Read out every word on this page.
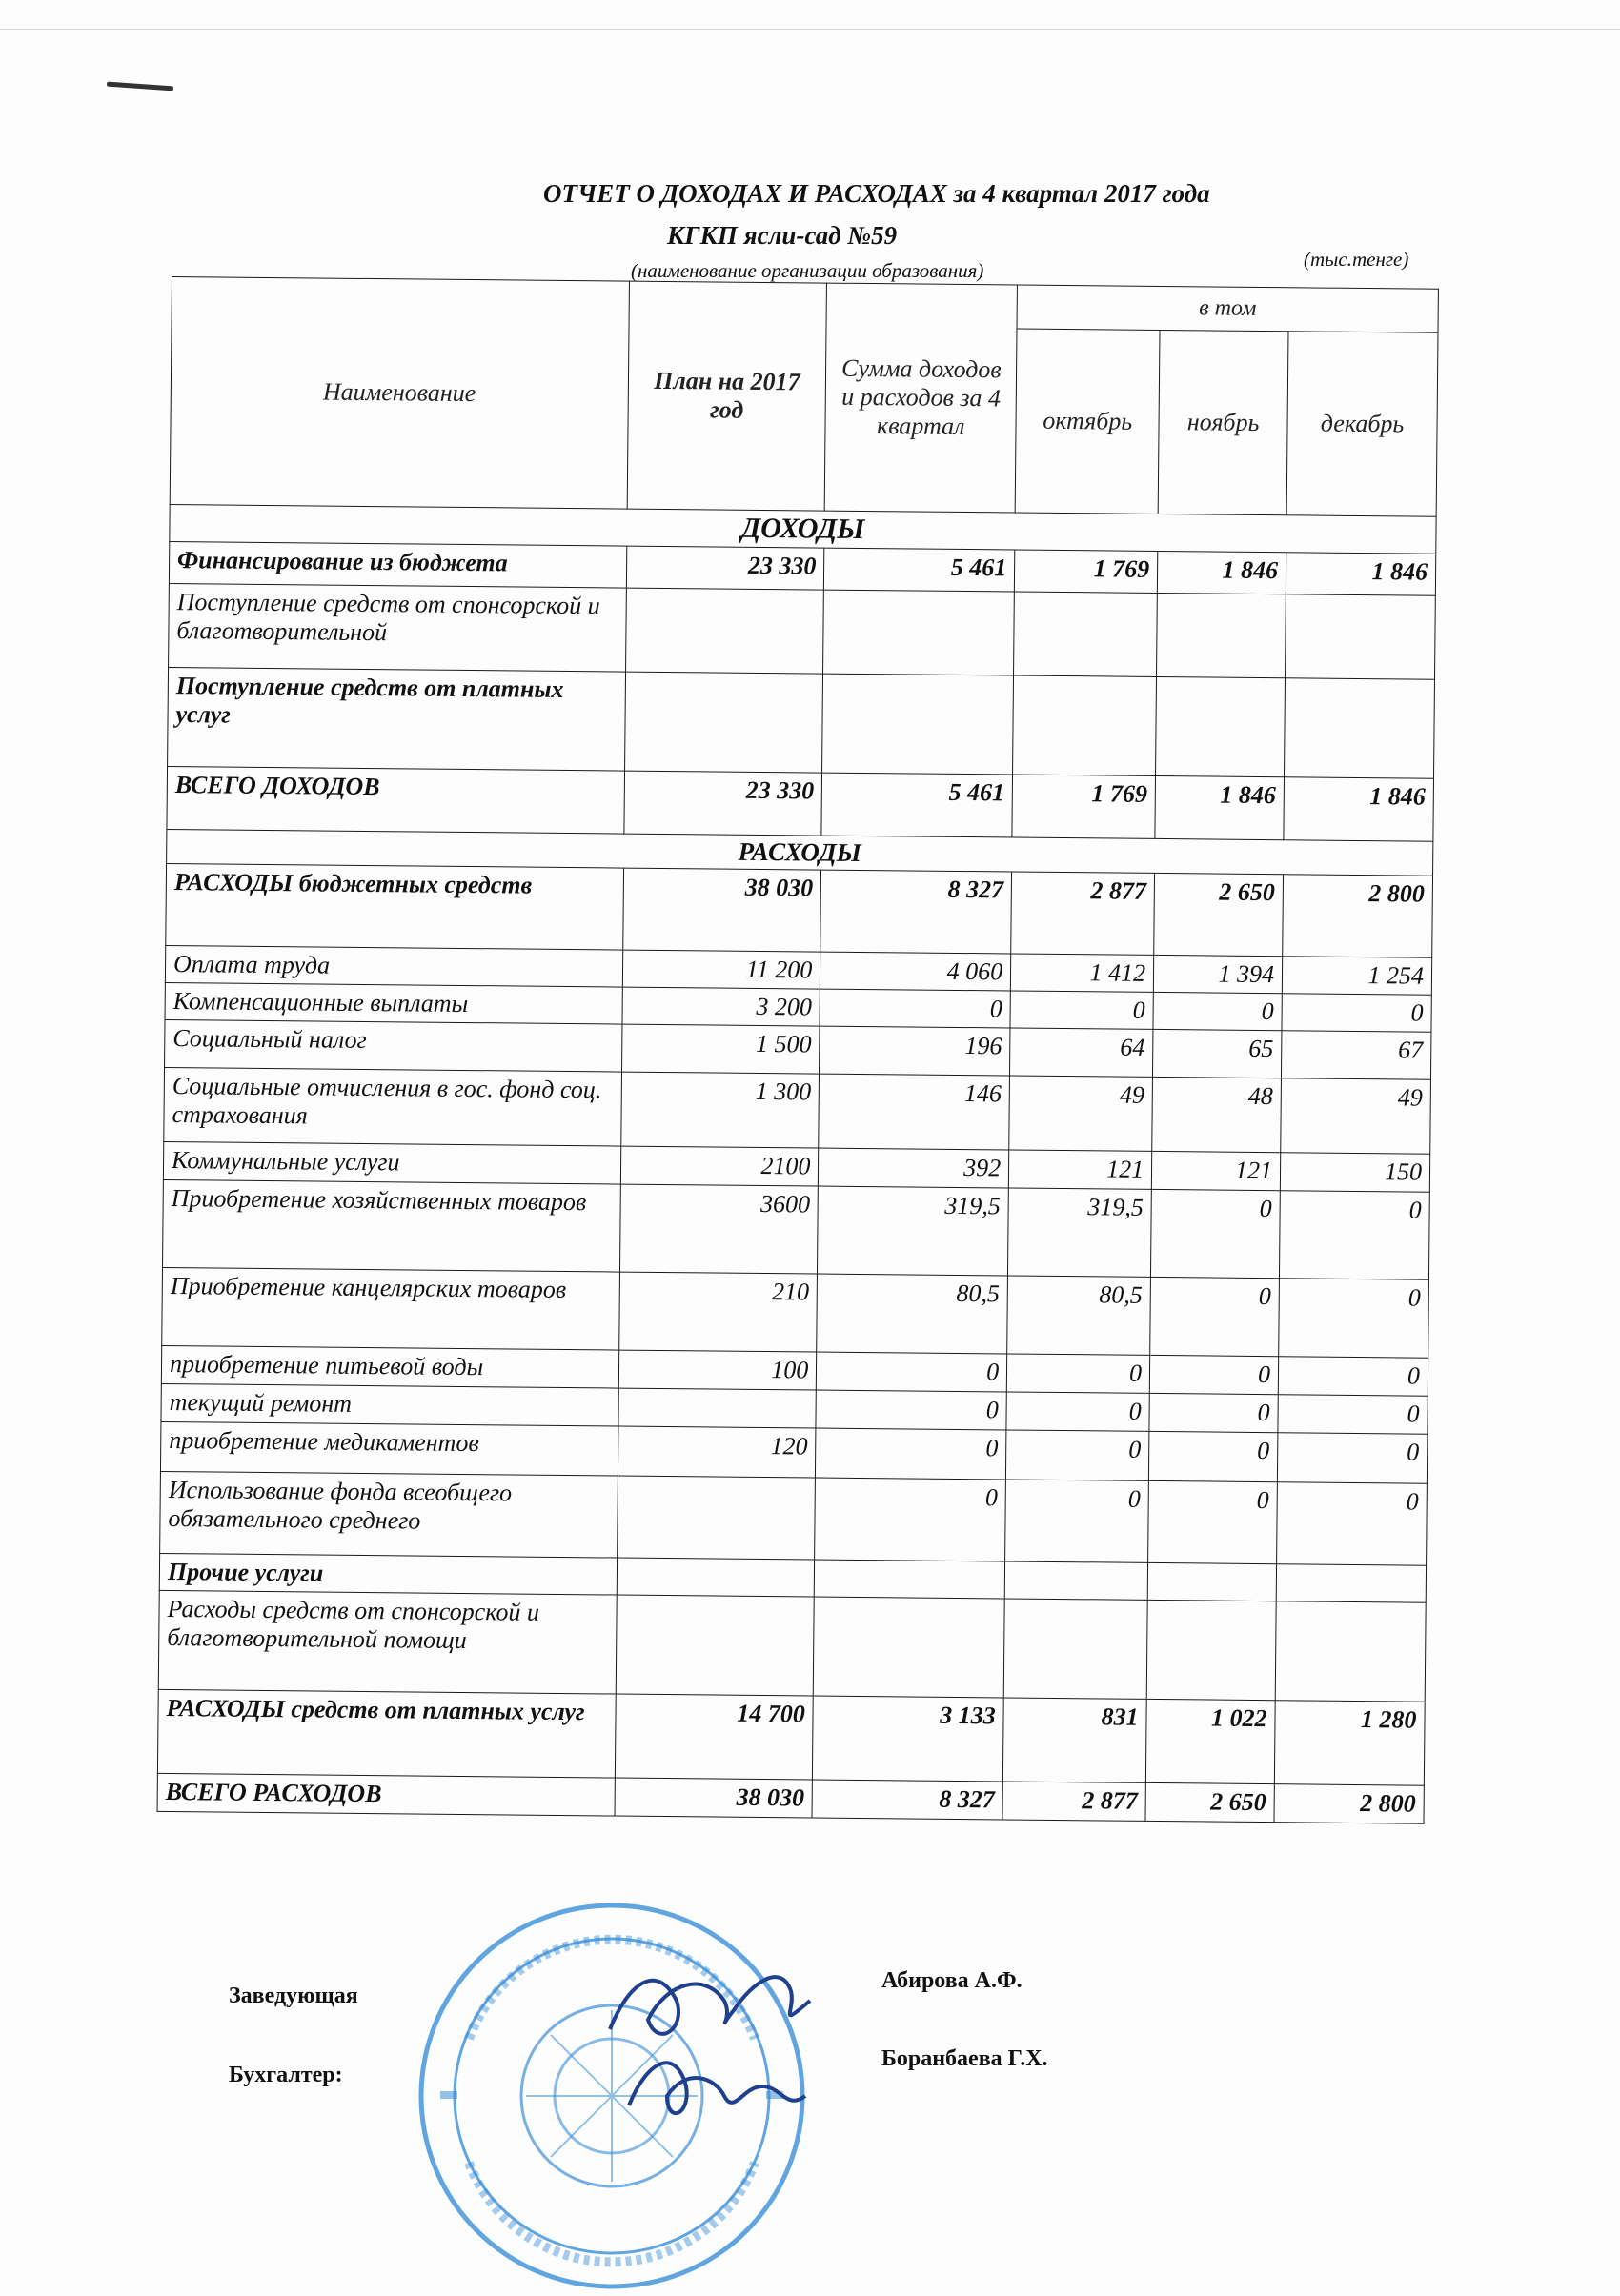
ОТЧЕТ О ДОХОДАХ И РАСХОДАХ за 4 квартал 2017 года
КГКП ясли-сад №59
(наименование организации образования)	(тыс.тенге)
Наименование	План на 2017 год	Сумма доходов и расходов за 4 квартал	в том		
			октябрь	ноябрь	декабрь
ДОХОДЫ					
Финансирование из бюджета	23 330	5 461	1 769	1 846	1 846
Поступление средств от спонсорской и благотворительной					
Поступление средств от платных услуг					
ВСЕГО ДОХОДОВ	23 330	5 461	1 769	1 846	1 846
РАСХОДЫ					
РАСХОДЫ бюджетных средств	38 030	8 327	2 877	2 650	2 800
Оплата труда	11 200	4 060	1 412	1 394	1 254
Компенсационные выплаты	3 200	0	0	0	0
Социальный налог	1 500	196	64	65	67
Социальные отчисления в гос. фонд соц. страхования	1 300	146	49	48	49
Коммунальные услуги	2100	392	121	121	150
Приобретение хозяйственных товаров	3600	319,5	319,5	0	0
Приобретение канцелярских товаров	210	80,5	80,5	0	0
приобретение питьевой воды	100	0	0	0	0
текущий ремонт		0	0	0	0
приобретение медикаментов	120	0	0	0	0
Использование фонда всеобщего обязательного среднего		0	0	0	0
Прочие услуги					
Расходы средств от спонсорской и благотворительной помощи					
РАСХОДЫ средств от платных услуг	14 700	3 133	831	1 022	1 280
ВСЕГО РАСХОДОВ	38 030	8 327	2 877	2 650	2 800
Заведующая
Абирова А.Ф.
Бухгалтер:
Боранбаева Г.Х.
